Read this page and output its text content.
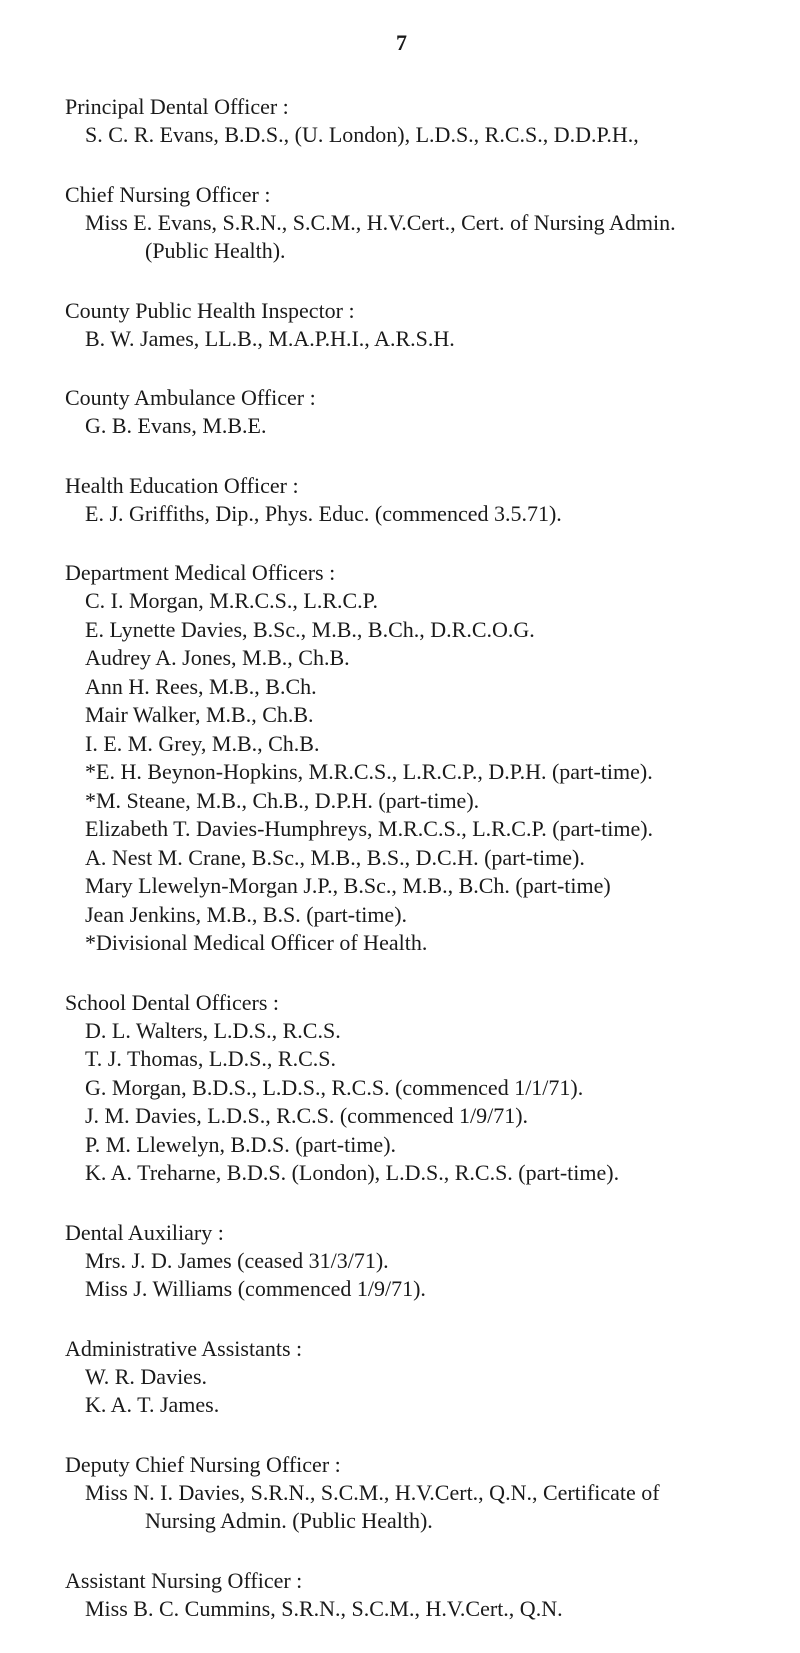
7
Principal Dental Officer :
S. C. R. Evans, B.D.S., (U. London), L.D.S., R.C.S., D.D.P.H.,
Chief Nursing Officer :
Miss E. Evans, S.R.N., S.C.M., H.V.Cert., Cert. of Nursing Admin.
(Public Health).
County Public Health Inspector :
B. W. James, LL.B., M.A.P.H.I., A.R.S.H.
County Ambulance Officer :
G. B. Evans, M.B.E.
Health Education Officer :
E. J. Griffiths, Dip., Phys. Educ. (commenced 3.5.71).
Department Medical Officers :
C. I. Morgan, M.R.C.S., L.R.C.P.
E. Lynette Davies, B.Sc., M.B., B.Ch., D.R.C.O.G.
Audrey A. Jones, M.B., Ch.B.
Ann H. Rees, M.B., B.Ch.
Mair Walker, M.B., Ch.B.
I. E. M. Grey, M.B., Ch.B.
*E. H. Beynon-Hopkins, M.R.C.S., L.R.C.P., D.P.H. (part-time).
*M. Steane, M.B., Ch.B., D.P.H. (part-time).
Elizabeth T. Davies-Humphreys, M.R.C.S., L.R.C.P. (part-time).
A. Nest M. Crane, B.Sc., M.B., B.S., D.C.H. (part-time).
Mary Llewelyn-Morgan J.P., B.Sc., M.B., B.Ch. (part-time)
Jean Jenkins, M.B., B.S. (part-time).
*Divisional Medical Officer of Health.
School Dental Officers :
D. L. Walters, L.D.S., R.C.S.
T. J. Thomas, L.D.S., R.C.S.
G. Morgan, B.D.S., L.D.S., R.C.S. (commenced 1/1/71).
J. M. Davies, L.D.S., R.C.S. (commenced 1/9/71).
P. M. Llewelyn, B.D.S. (part-time).
K. A. Treharne, B.D.S. (London), L.D.S., R.C.S. (part-time).
Dental Auxiliary :
Mrs. J. D. James (ceased 31/3/71).
Miss J. Williams (commenced 1/9/71).
Administrative Assistants :
W. R. Davies.
K. A. T. James.
Deputy Chief Nursing Officer :
Miss N. I. Davies, S.R.N., S.C.M., H.V.Cert., Q.N., Certificate of
Nursing Admin. (Public Health).
Assistant Nursing Officer :
Miss B. C. Cummins, S.R.N., S.C.M., H.V.Cert., Q.N.
